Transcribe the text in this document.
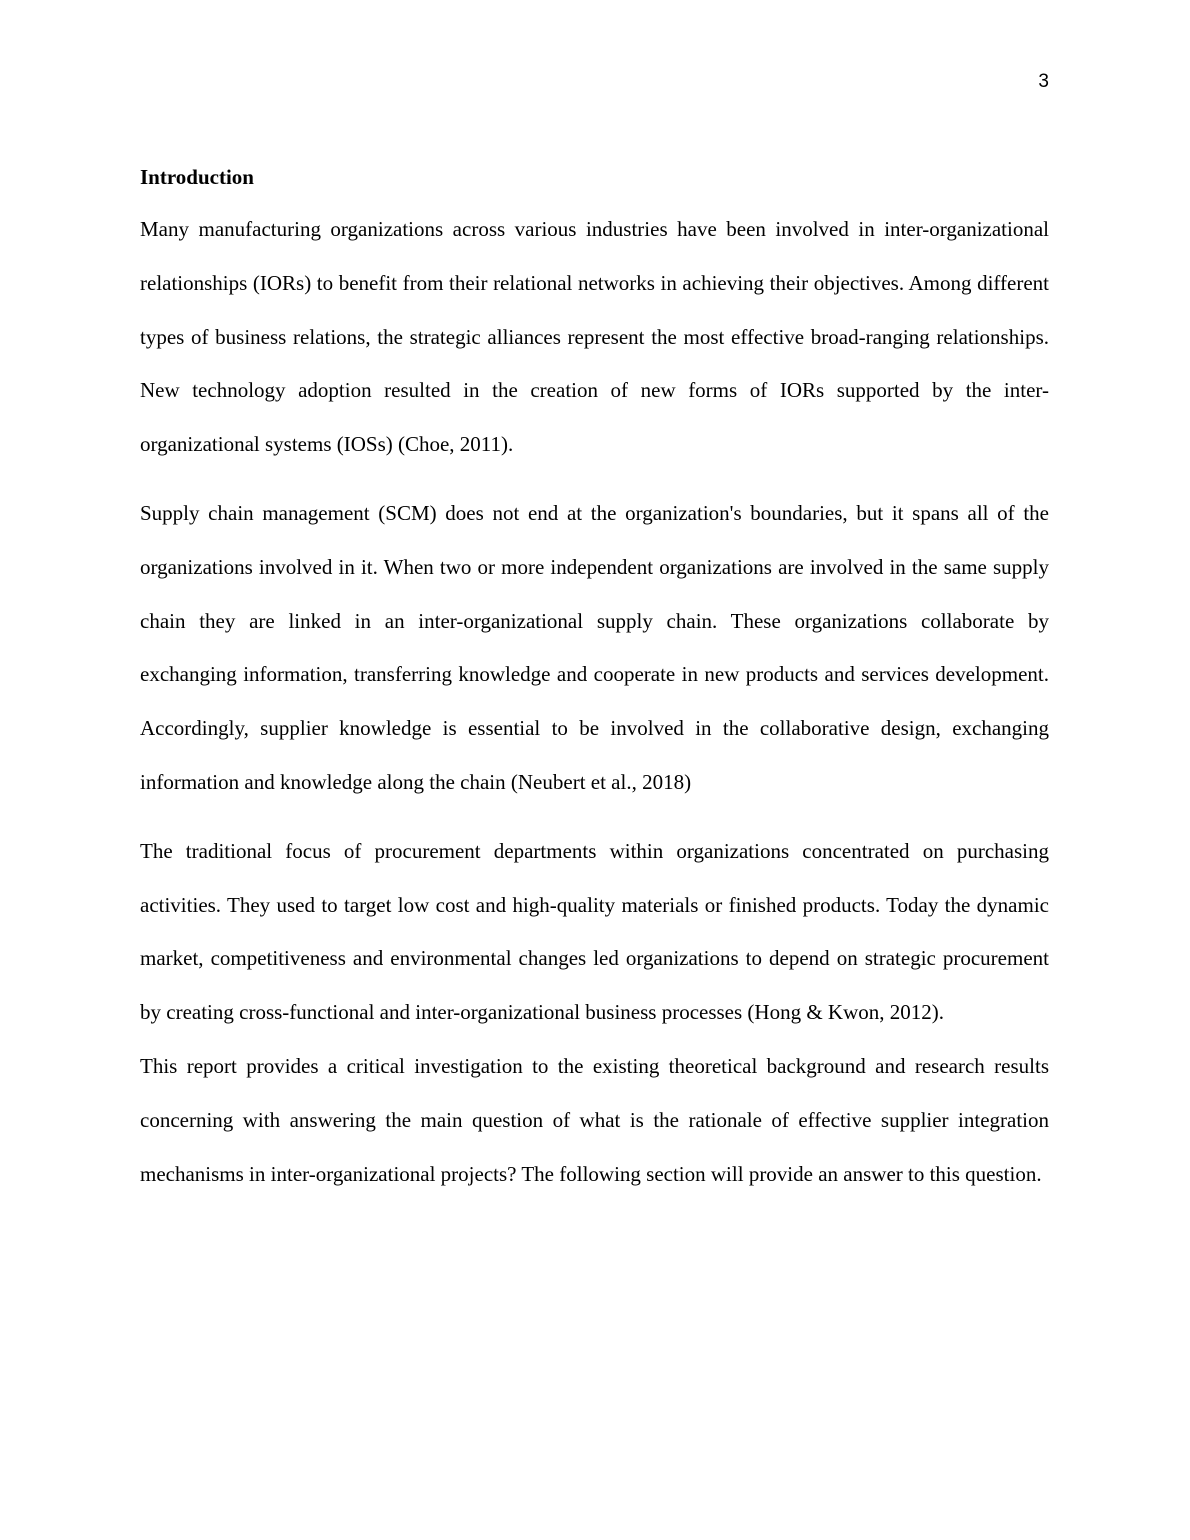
3
Introduction

Many manufacturing organizations across various industries have been involved in inter-organizational relationships (IORs) to benefit from their relational networks in achieving their objectives. Among different types of business relations, the strategic alliances represent the most effective broad-ranging relationships. New technology adoption resulted in the creation of new forms of IORs supported by the inter-organizational systems (IOSs) (Choe, 2011).

Supply chain management (SCM) does not end at the organization's boundaries, but it spans all of the organizations involved in it. When two or more independent organizations are involved in the same supply chain they are linked in an inter-organizational supply chain. These organizations collaborate by exchanging information, transferring knowledge and cooperate in new products and services development. Accordingly, supplier knowledge is essential to be involved in the collaborative design, exchanging information and knowledge along the chain (Neubert et al., 2018)

The traditional focus of procurement departments within organizations concentrated on purchasing activities. They used to target low cost and high-quality materials or finished products. Today the dynamic market, competitiveness and environmental changes led organizations to depend on strategic procurement by creating cross-functional and inter-organizational business processes (Hong & Kwon, 2012).

This report provides a critical investigation to the existing theoretical background and research results concerning with answering the main question of what is the rationale of effective supplier integration mechanisms in inter-organizational projects? The following section will provide an answer to this question.
